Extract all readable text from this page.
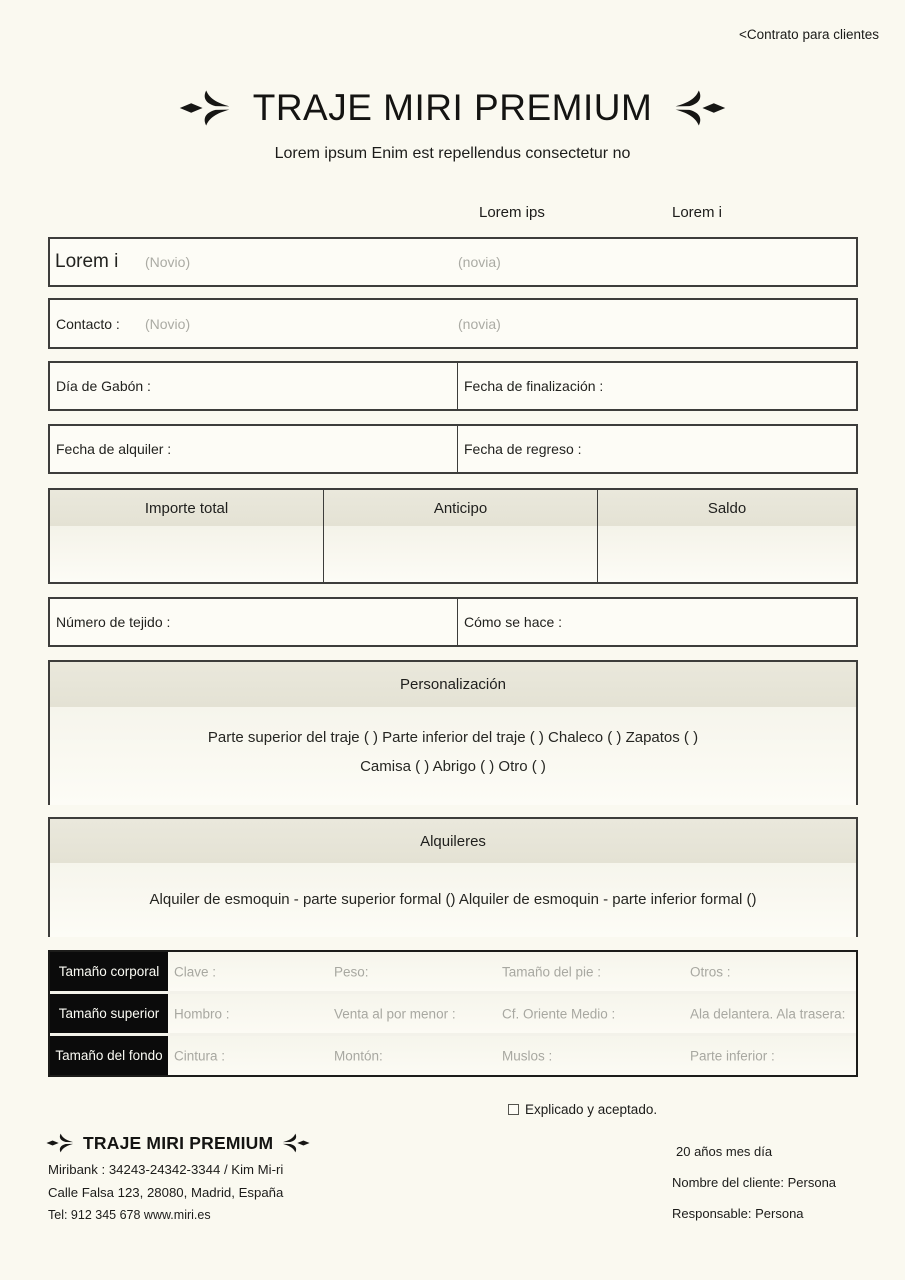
<Contrato para clientes
TRAJE MIRI PREMIUM
Lorem ipsum Enim est repellendus consectetur no
Lorem ips	Lorem i
Lorem i (Novio)	(novia)
Contacto : (Novio)	(novia)
Día de Gabón :	Fecha de finalización :
Fecha de alquiler :	Fecha de regreso :
Importe total	Anticipo	Saldo
Número de tejido :	Cómo se hace :
Personalización
Parte superior del traje ( ) Parte inferior del traje ( ) Chaleco ( ) Zapatos ( )
Camisa ( ) Abrigo ( ) Otro ( )
Alquileres
Alquiler de esmoquin - parte superior formal () Alquiler de esmoquin - parte inferior formal ()
Tamaño corporal	Clave :	Peso:	Tamaño del pie :	Otros :
Tamaño superior	Hombro :	Venta al por menor :	Cf. Oriente Medio :	Ala delantera. Ala trasera:
Tamaño del fondo Cintura :	Montón:	Muslos :	Parte inferior :
Explicado y aceptado.
TRAJE MIRI PREMIUM
Miribank : 34243-24342-3344 / Kim Mi-ri
Calle Falsa 123, 28080, Madrid, España
Tel: 912 345 678 www.miri.es
20 años mes día
Nombre del cliente: Persona
Responsable: Persona
